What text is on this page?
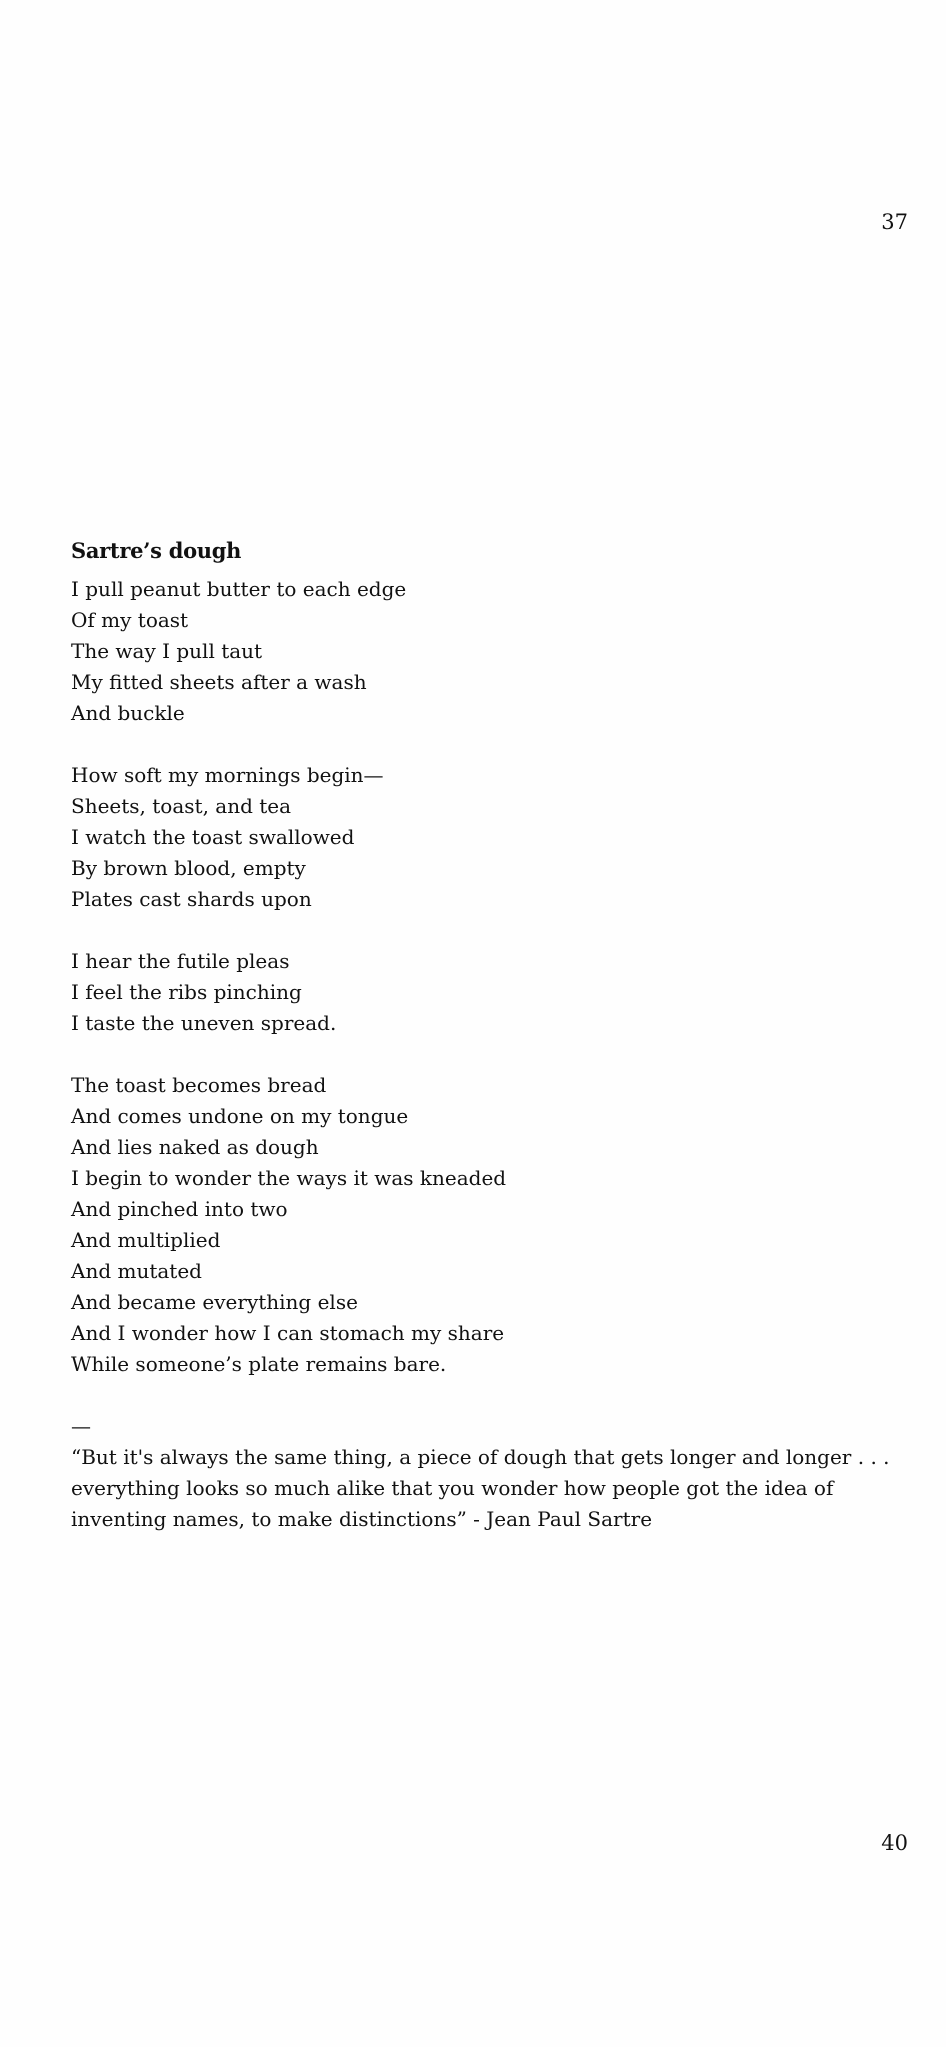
37
Sartre’s dough
I pull peanut butter to each edge
Of my toast
The way I pull taut
My fitted sheets after a wash
And buckle
How soft my mornings begin—
Sheets, toast, and tea
I watch the toast swallowed
By brown blood, empty
Plates cast shards upon
I hear the futile pleas
I feel the ribs pinching
I taste the uneven spread.
The toast becomes bread
And comes undone on my tongue
And lies naked as dough
I begin to wonder the ways it was kneaded
And pinched into two
And multiplied
And mutated
And became everything else
And I wonder how I can stomach my share
While someone’s plate remains bare.
—

“But it's always the same thing, a piece of dough that gets longer and longer . . . everything looks so much alike that you wonder how people got the idea of inventing names, to make distinctions” - Jean Paul Sartre

40
